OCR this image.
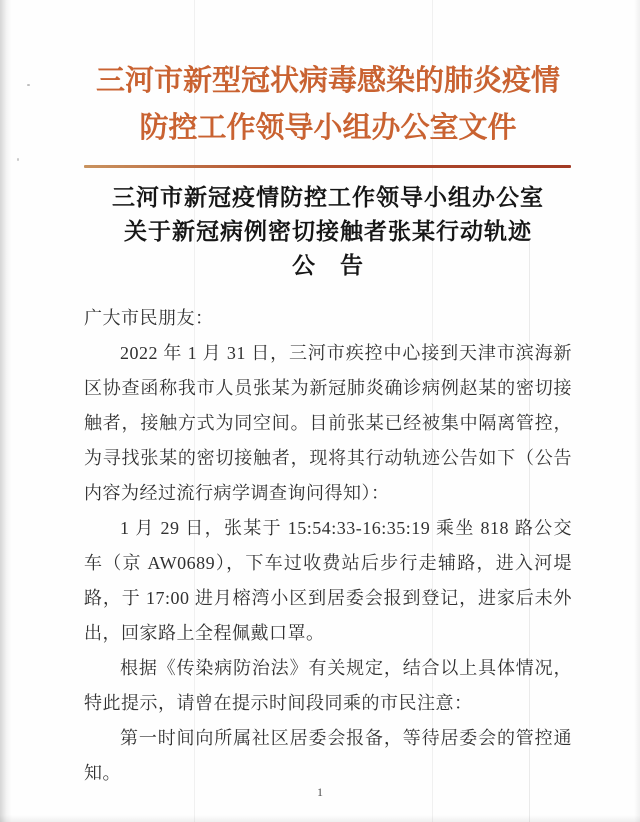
三河市新型冠状病毒感染的肺炎疫情
防控工作领导小组办公室文件
三河市新冠疫情防控工作领导小组办公室
关于新冠病例密切接触者张某行动轨迹
公　告

广大市民朋友：

2022 年 1 月 31 日，三河市疾控中心接到天津市滨海新区协查函称我市人员张某为新冠肺炎确诊病例赵某的密切接触者，接触方式为同空间。目前张某已经被集中隔离管控，为寻找张某的密切接触者，现将其行动轨迹公告如下（公告内容为经过流行病学调查询问得知）：

1 月 29 日，张某于 15:54:33-16:35:19 乘坐 818 路公交车（京 AW0689），下车过收费站后步行走辅路，进入河堤路，于 17:00 进月榕湾小区到居委会报到登记，进家后未外出，回家路上全程佩戴口罩。

根据《传染病防治法》有关规定，结合以上具体情况，特此提示，请曾在提示时间段同乘的市民注意：

第一时间向所属社区居委会报备，等待居委会的管控通知。

1
